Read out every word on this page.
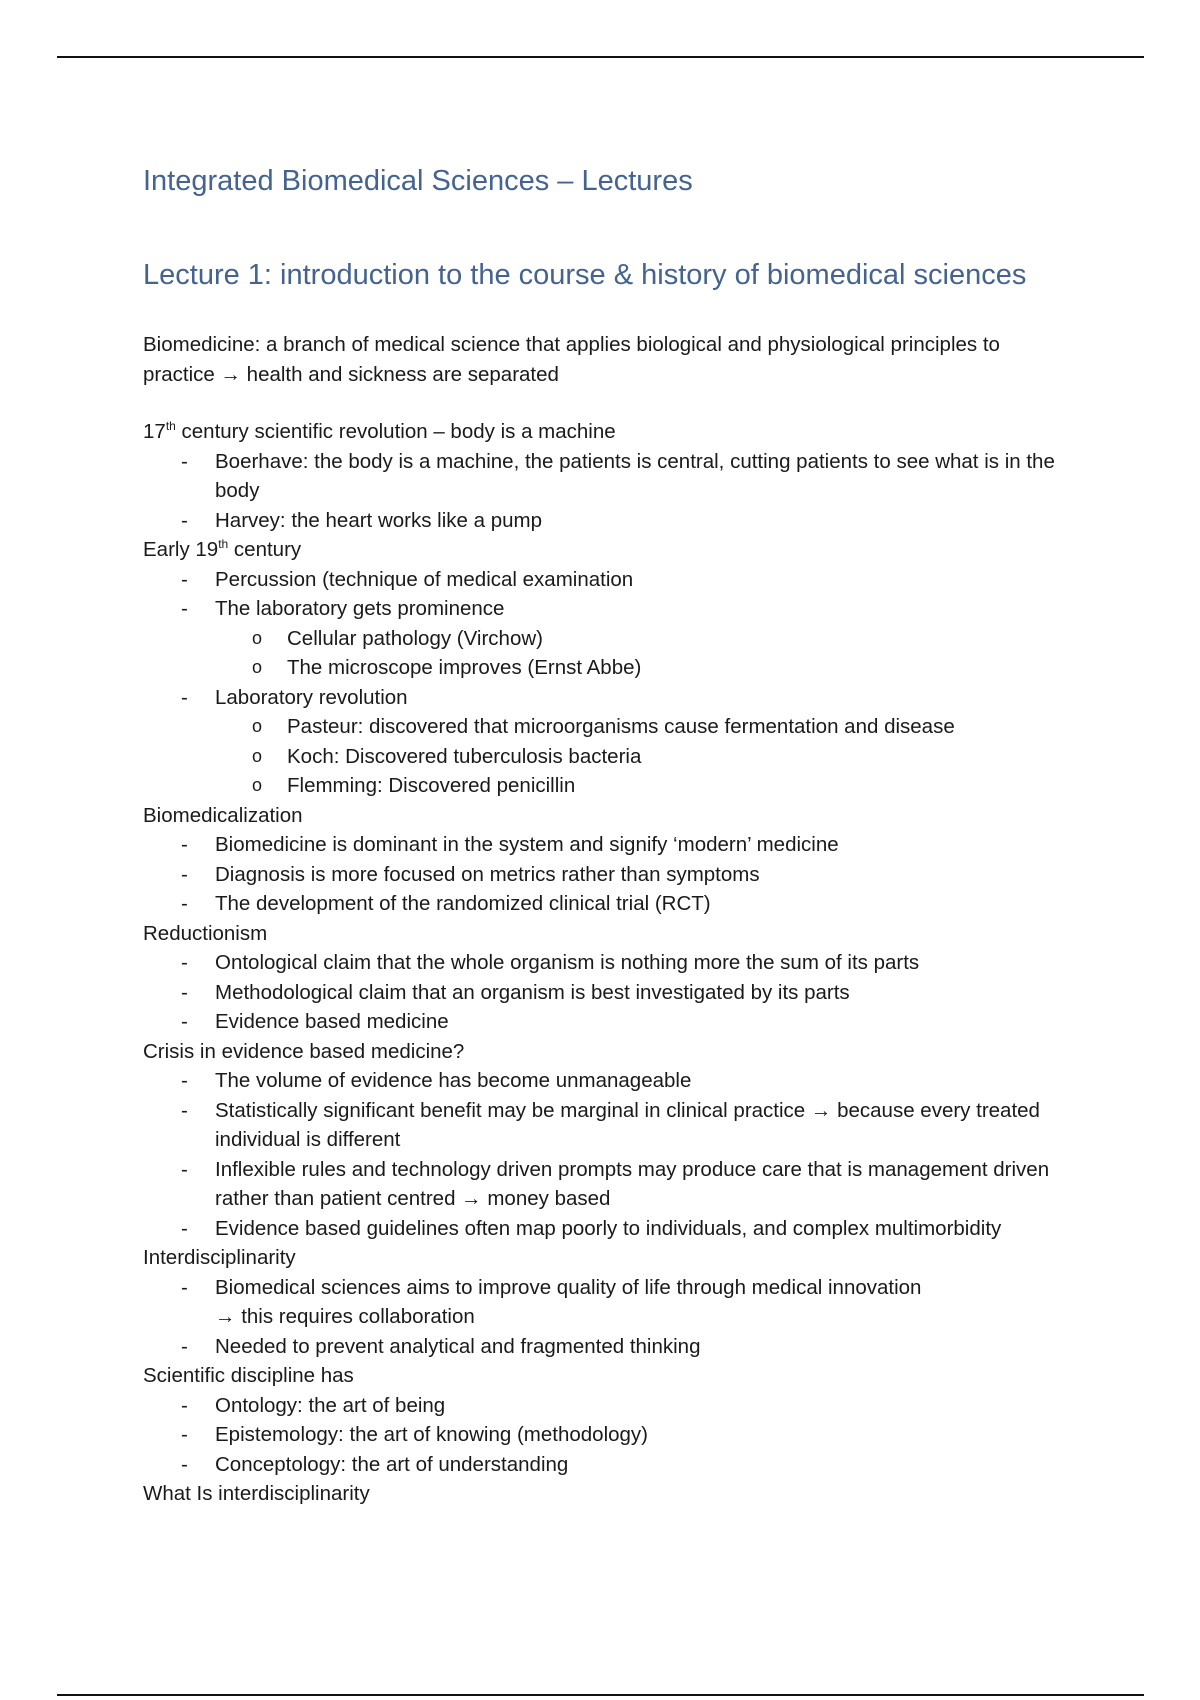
Integrated Biomedical Sciences – Lectures
Lecture 1: introduction to the course & history of biomedical sciences

Biomedicine: a branch of medical science that applies biological and physiological principles to practice → health and sickness are separated

17th century scientific revolution – body is a machine

- Boerhave: the body is a machine, the patients is central, cutting patients to see what is in the body
- Harvey: the heart works like a pump

Early 19th century

- Percussion (technique of medical examination
- The laboratory gets prominence
o Cellular pathology (Virchow)
o The microscope improves (Ernst Abbe)
- Laboratory revolution
o Pasteur: discovered that microorganisms cause fermentation and disease
o Koch: Discovered tuberculosis bacteria
o Flemming: Discovered penicillin

Biomedicalization

- Biomedicine is dominant in the system and signify ‘modern’ medicine
- Diagnosis is more focused on metrics rather than symptoms
- The development of the randomized clinical trial (RCT)

Reductionism

- Ontological claim that the whole organism is nothing more the sum of its parts
- Methodological claim that an organism is best investigated by its parts
- Evidence based medicine

Crisis in evidence based medicine?

- The volume of evidence has become unmanageable
- Statistically significant benefit may be marginal in clinical practice → because every treated individual is different
- Inflexible rules and technology driven prompts may produce care that is management driven rather than patient centred → money based
- Evidence based guidelines often map poorly to individuals, and complex multimorbidity

Interdisciplinarity

- Biomedical sciences aims to improve quality of life through medical innovation
→ this requires collaboration
- Needed to prevent analytical and fragmented thinking

Scientific discipline has

- Ontology: the art of being
- Epistemology: the art of knowing (methodology)
- Conceptology: the art of understanding

What Is interdisciplinarity
